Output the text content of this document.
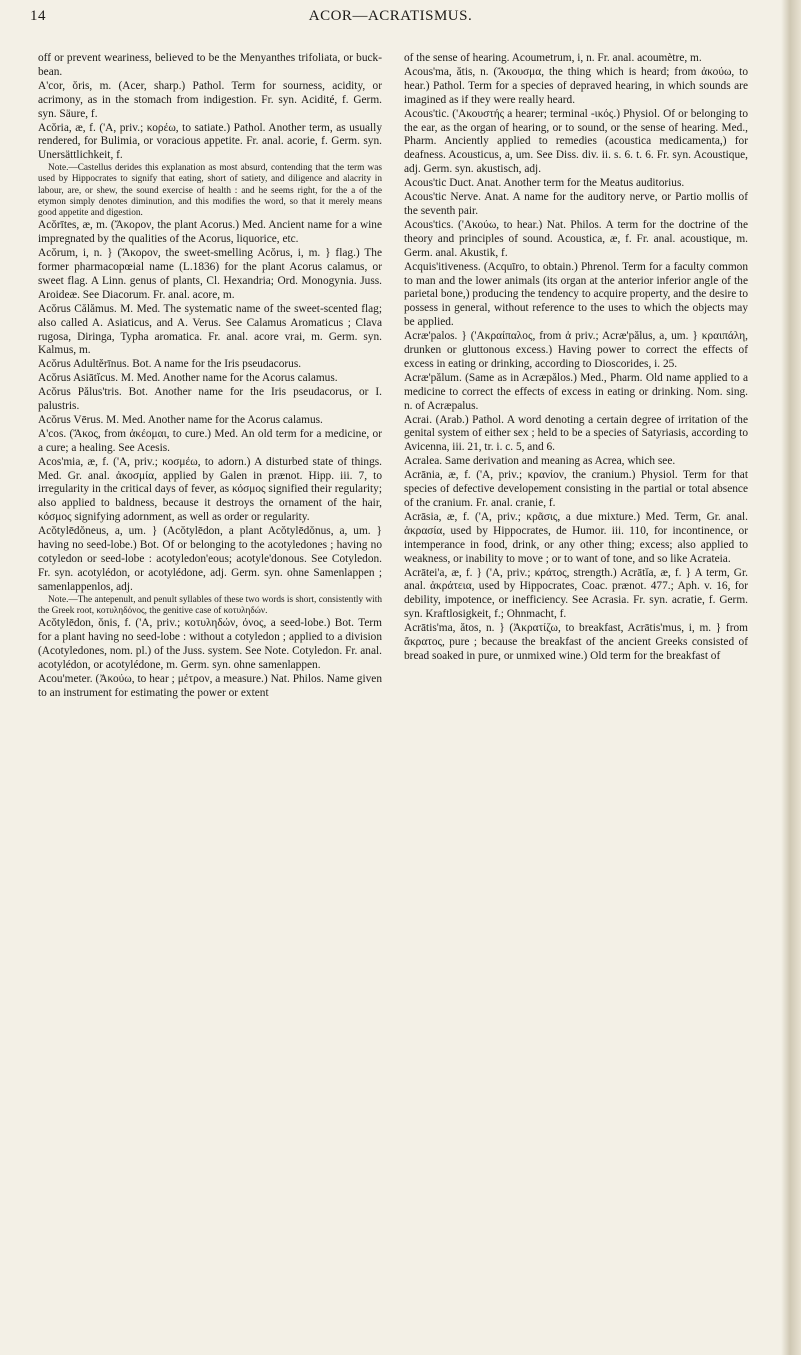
14	ACOR—ACRATISMUS.

off or prevent weariness, believed to be the Menyanthes trifoliata, or buck-bean.

A'cor, ŏris, m. (Acer, sharp.) Pathol. Term for sourness, acidity, or acrimony, as in the stomach from indigestion. Fr. syn. Acidité, f. Germ. syn. Säure, f.

Acŏria, æ, f. ('A, priv.; κορέω, to satiate.) Pathol. Another term, as usually rendered, for Bulimia, or voracious appetite. Fr. anal. acorie, f. Germ. syn. Unersättlichkeit, f.

Note.—Castellus derides this explanation as most absurd, contending that the term was used by Hippocrates to signify that eating, short of satiety, and diligence and alacrity in labour, are, or shew, the sound exercise of health : and he seems right, for the a of the etymon simply denotes diminution, and this modifies the word, so that it merely means good appetite and digestion.

Acŏrītes, æ, m. (Ἄκορον, the plant Acorus.) Med. Ancient name for a wine impregnated by the qualities of the Acorus, liquorice, etc.

Acŏrum, i, n. } (Ἄκορον, the sweet-smelling Acŏrus, i, m. } flag.) The former pharmacopœial name (L.1836) for the plant Acorus calamus, or sweet flag. A Linn. genus of plants, Cl. Hexandria; Ord. Monogynia. Juss. Aroideæ. See Diacorum. Fr. anal. acore, m.

Acŏrus Călămus. M. Med. The systematic name of the sweet-scented flag; also called A. Asiaticus, and A. Verus. See Calamus Aromaticus ; Clava rugosa, Diringa, Typha aromatica. Fr. anal. acore vrai, m. Germ. syn. Kalmus, m.

Acŏrus Adultĕrīnus. Bot. A name for the Iris pseudacorus.

Acŏrus Asiātĭcus. M. Med. Another name for the Acorus calamus.

Acŏrus Pălus'tris. Bot. Another name for the Iris pseudacorus, or I. palustris.

Acŏrus Vērus. M. Med. Another name for the Acorus calamus.

A'cos. (Ἄκος, from ἀκέομαι, to cure.) Med. An old term for a medicine, or a cure; a healing. See Acesis.

Acos'mia, æ, f. ('A, priv.; κοσμέω, to adorn.) A disturbed state of things. Med. Gr. anal. ἀκοσμία, applied by Galen in prænot. Hipp. iii. 7, to irregularity in the critical days of fever, as κόσμος signified their regularity; also applied to baldness, because it destroys the ornament of the hair, κόσμος signifying adornment, as well as order or regularity.

Acŏtylēdŏneus, a, um. } (Acŏtylēdon, a plant Acŏtylēdŏnus, a, um. } having no seed-lobe.) Bot. Of or belonging to the acotyledones ; having no cotyledon or seed-lobe : acotyledon'eous; acotyle'donous. See Cotyledon. Fr. syn. acotylédon, or acotylédone, adj. Germ. syn. ohne Samenlappen ; samenlappenlos, adj.

Note.—The antepenult, and penult syllables of these two words is short, consistently with the Greek root, κοτυληδόνος, the genitive case of κοτυληδών.

Acŏtylēdon, ŏnis, f. ('A, priv.; κοτυληδών, όνος, a seed-lobe.) Bot. Term for a plant having no seed-lobe : without a cotyledon ; applied to a division (Acotyledones, nom. pl.) of the Juss. system. See Note. Cotyledon. Fr. anal. acotylédon, or acotylédone, m. Germ. syn. ohne samenlappen.

Acou'meter. (Ἀκούω, to hear ; μέτρον, a measure.) Nat. Philos. Name given to an instrument for estimating the power or extent

of the sense of hearing. Acoumetrum, i, n. Fr. anal. acoumètre, m.

Acous'ma, ătis, n. (Ἄκουσμα, the thing which is heard; from ἀκούω, to hear.) Pathol. Term for a species of depraved hearing, in which sounds are imagined as if they were really heard.

Acous'tic. ('Ακουστής a hearer; terminal -ικός.) Physiol. Of or belonging to the ear, as the organ of hearing, or to sound, or the sense of hearing. Med., Pharm. Anciently applied to remedies (acoustica medicamenta,) for deafness. Acousticus, a, um. See Diss. div. ii. s. 6. t. 6. Fr. syn. Acoustique, adj. Germ. syn. akustisch, adj.

Acous'tic Duct. Anat. Another term for the Meatus auditorius.

Acous'tic Nerve. Anat. A name for the auditory nerve, or Partio mollis of the seventh pair.

Acous'tics. ('Ακούω, to hear.) Nat. Philos. A term for the doctrine of the theory and principles of sound. Acoustica, æ, f. Fr. anal. acoustique, m. Germ. anal. Akustik, f.

Acquis'itiveness. (Acquīro, to obtain.) Phrenol. Term for a faculty common to man and the lower animals (its organ at the anterior inferior angle of the parietal bone,) producing the tendency to acquire property, and the desire to possess in general, without reference to the uses to which the objects may be applied.

Acræ'palos. } ('Ακραίπαλος, from ἀ priv.; Acræ'pălus, a, um. } κραιπάλη, drunken or gluttonous excess.) Having power to correct the effects of excess in eating or drinking, according to Dioscorides, i. 25.

Acræ'pălum. (Same as in Acræpălos.) Med., Pharm. Old name applied to a medicine to correct the effects of excess in eating or drinking. Nom. sing. n. of Acræpalus.

Acrai. (Arab.) Pathol. A word denoting a certain degree of irritation of the genital system of either sex ; held to be a species of Satyriasis, according to Avicenna, iii. 21, tr. i. c. 5, and 6.

Acralea. Same derivation and meaning as Acrea, which see.

Acrānia, æ, f. ('A, priv.; κρανίον, the cranium.) Physiol. Term for that species of defective developement consisting in the partial or total absence of the cranium. Fr. anal. cranie, f.

Acrāsia, æ, f. ('A, priv.; κρᾶσις, a due mixture.) Med. Term, Gr. anal. ἀκρασία, used by Hippocrates, de Humor. iii. 110, for incontinence, or intemperance in food, drink, or any other thing; excess; also applied to weakness, or inability to move ; or to want of tone, and so like Acrateia.

Acrātei'a, æ, f. } ('A, priv.; κράτος, strength.) Acrātĭa, æ, f. } A term, Gr. anal. ἀκράτεια, used by Hippocrates, Coac. prænot. 477.; Aph. v. 16, for debility, impotence, or inefficiency. See Acrasia. Fr. syn. acratie, f. Germ. syn. Kraftlosigkeit, f.; Ohnmacht, f.

Acrātis'ma, ătos, n. } (Ἀκρατίζω, to breakfast, Acrātis'mus, i, m. } from ἄκρατος, pure ; because the breakfast of the ancient Greeks consisted of bread soaked in pure, or unmixed wine.) Old term for the breakfast of
